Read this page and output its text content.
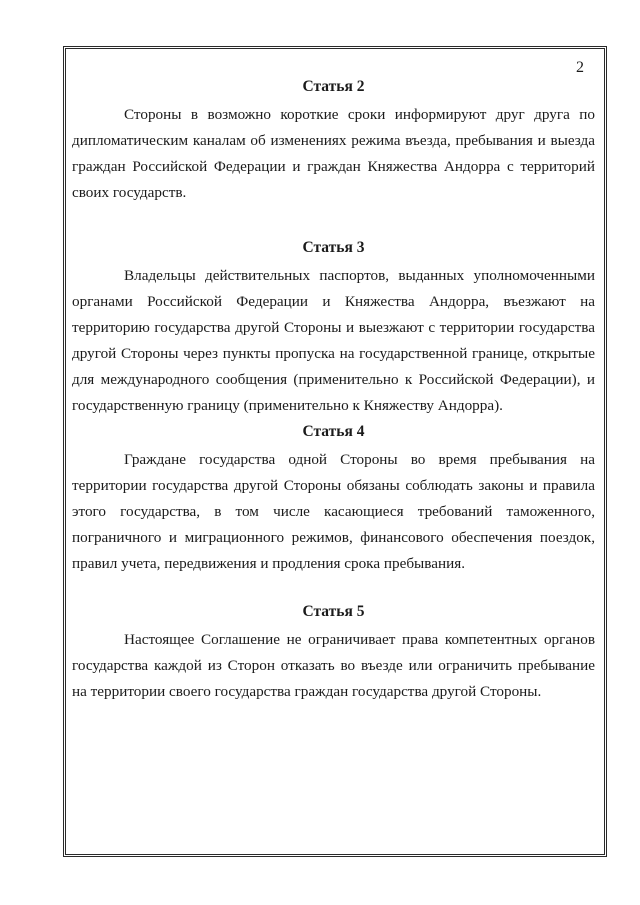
2
Статья 2

Стороны в возможно короткие сроки информируют друг друга по дипломатическим каналам об изменениях режима въезда, пребывания и выезда граждан Российской Федерации и граждан Княжества Андорра с территорий своих государств.

Статья 3

Владельцы действительных паспортов, выданных уполномоченными органами Российской Федерации и Княжества Андорра, въезжают на территорию государства другой Стороны и выезжают с территории государства другой Стороны через пункты пропуска на государственной границе, открытые для международного сообщения (применительно к Российской Федерации), и государственную границу (применительно к Княжеству Андорра).

Статья 4

Граждане государства одной Стороны во время пребывания на территории государства другой Стороны обязаны соблюдать законы и правила этого государства, в том числе касающиеся требований таможенного, пограничного и миграционного режимов, финансового обеспечения поездок, правил учета, передвижения и продления срока пребывания.

Статья 5

Настоящее Соглашение не ограничивает права компетентных органов государства каждой из Сторон отказать во въезде или ограничить пребывание на территории своего государства граждан государства другой Стороны.
